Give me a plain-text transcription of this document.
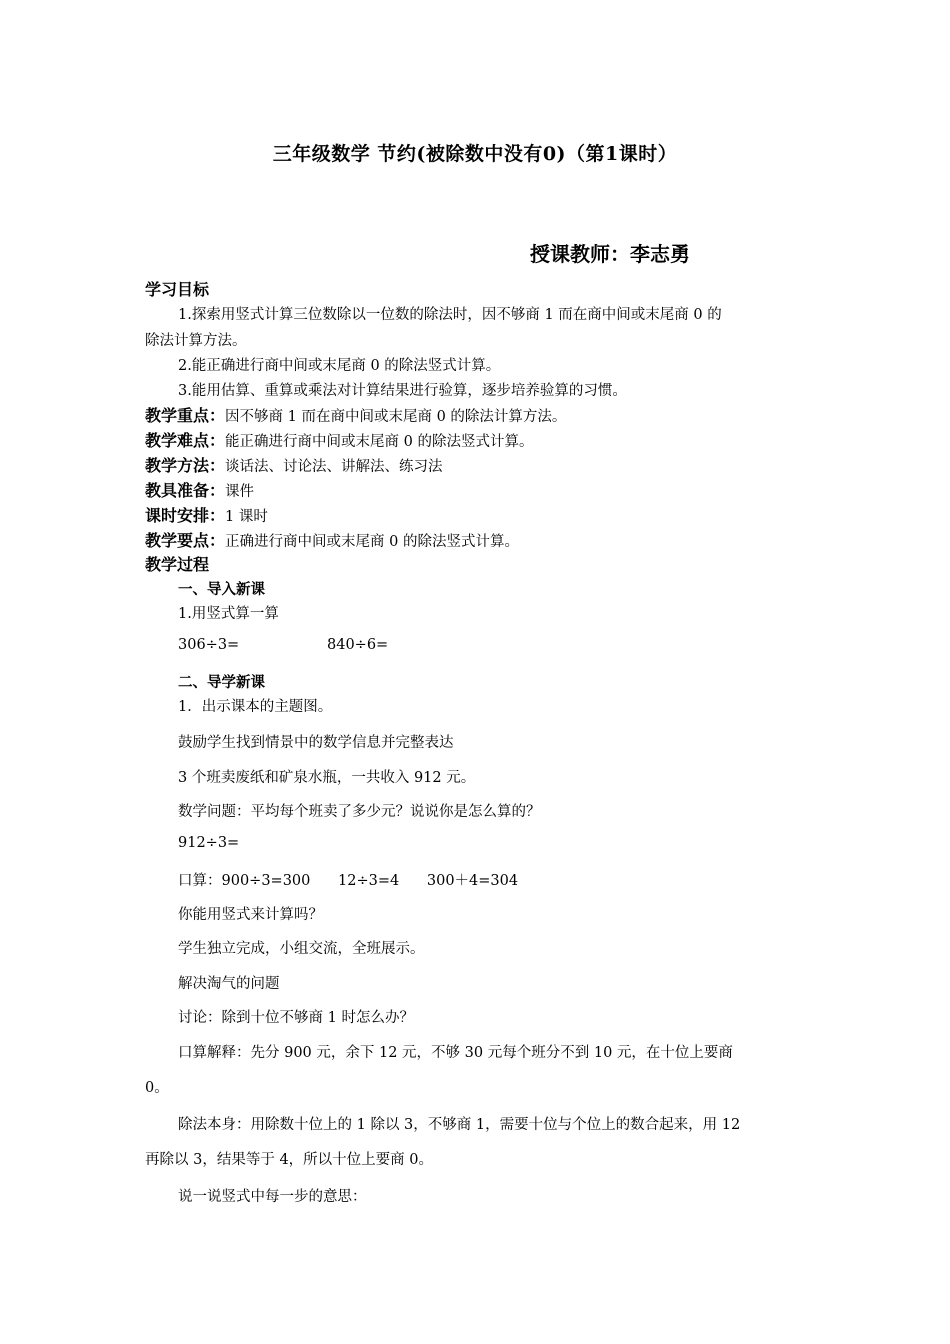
三年级数学 节约(被除数中没有0)（第1课时）
授课教师：李志勇
学习目标
1.探索用竖式计算三位数除以一位数的除法时，因不够商 1 而在商中间或末尾商 0 的
除法计算方法。
2.能正确进行商中间或末尾商 0 的除法竖式计算。
3.能用估算、重算或乘法对计算结果进行验算，逐步培养验算的习惯。
教学重点：因不够商 1 而在商中间或末尾商 0 的除法计算方法。
教学难点：能正确进行商中间或末尾商 0 的除法竖式计算。
教学方法：谈话法、讨论法、讲解法、练习法
教具准备：课件
课时安排：1 课时
教学要点：正确进行商中间或末尾商 0 的除法竖式计算。
教学过程
一、导入新课
1.用竖式算一算
306÷3=	840÷6=
二、导学新课
1．出示课本的主题图。
鼓励学生找到情景中的数学信息并完整表达
3 个班卖废纸和矿泉水瓶，一共收入 912 元。
数学问题：平均每个班卖了多少元？说说你是怎么算的？
912÷3=
口算：900÷3=300      12÷3=4      300＋4=304
你能用竖式来计算吗？
学生独立完成，小组交流，全班展示。
解决淘气的问题
讨论：除到十位不够商 1 时怎么办？
口算解释：先分 900 元，余下 12 元，不够 30 元每个班分不到 10 元，在十位上要商
0。
除法本身：用除数十位上的 1 除以 3，不够商 1，需要十位与个位上的数合起来，用 12
再除以 3，结果等于 4，所以十位上要商 0。
说一说竖式中每一步的意思：
